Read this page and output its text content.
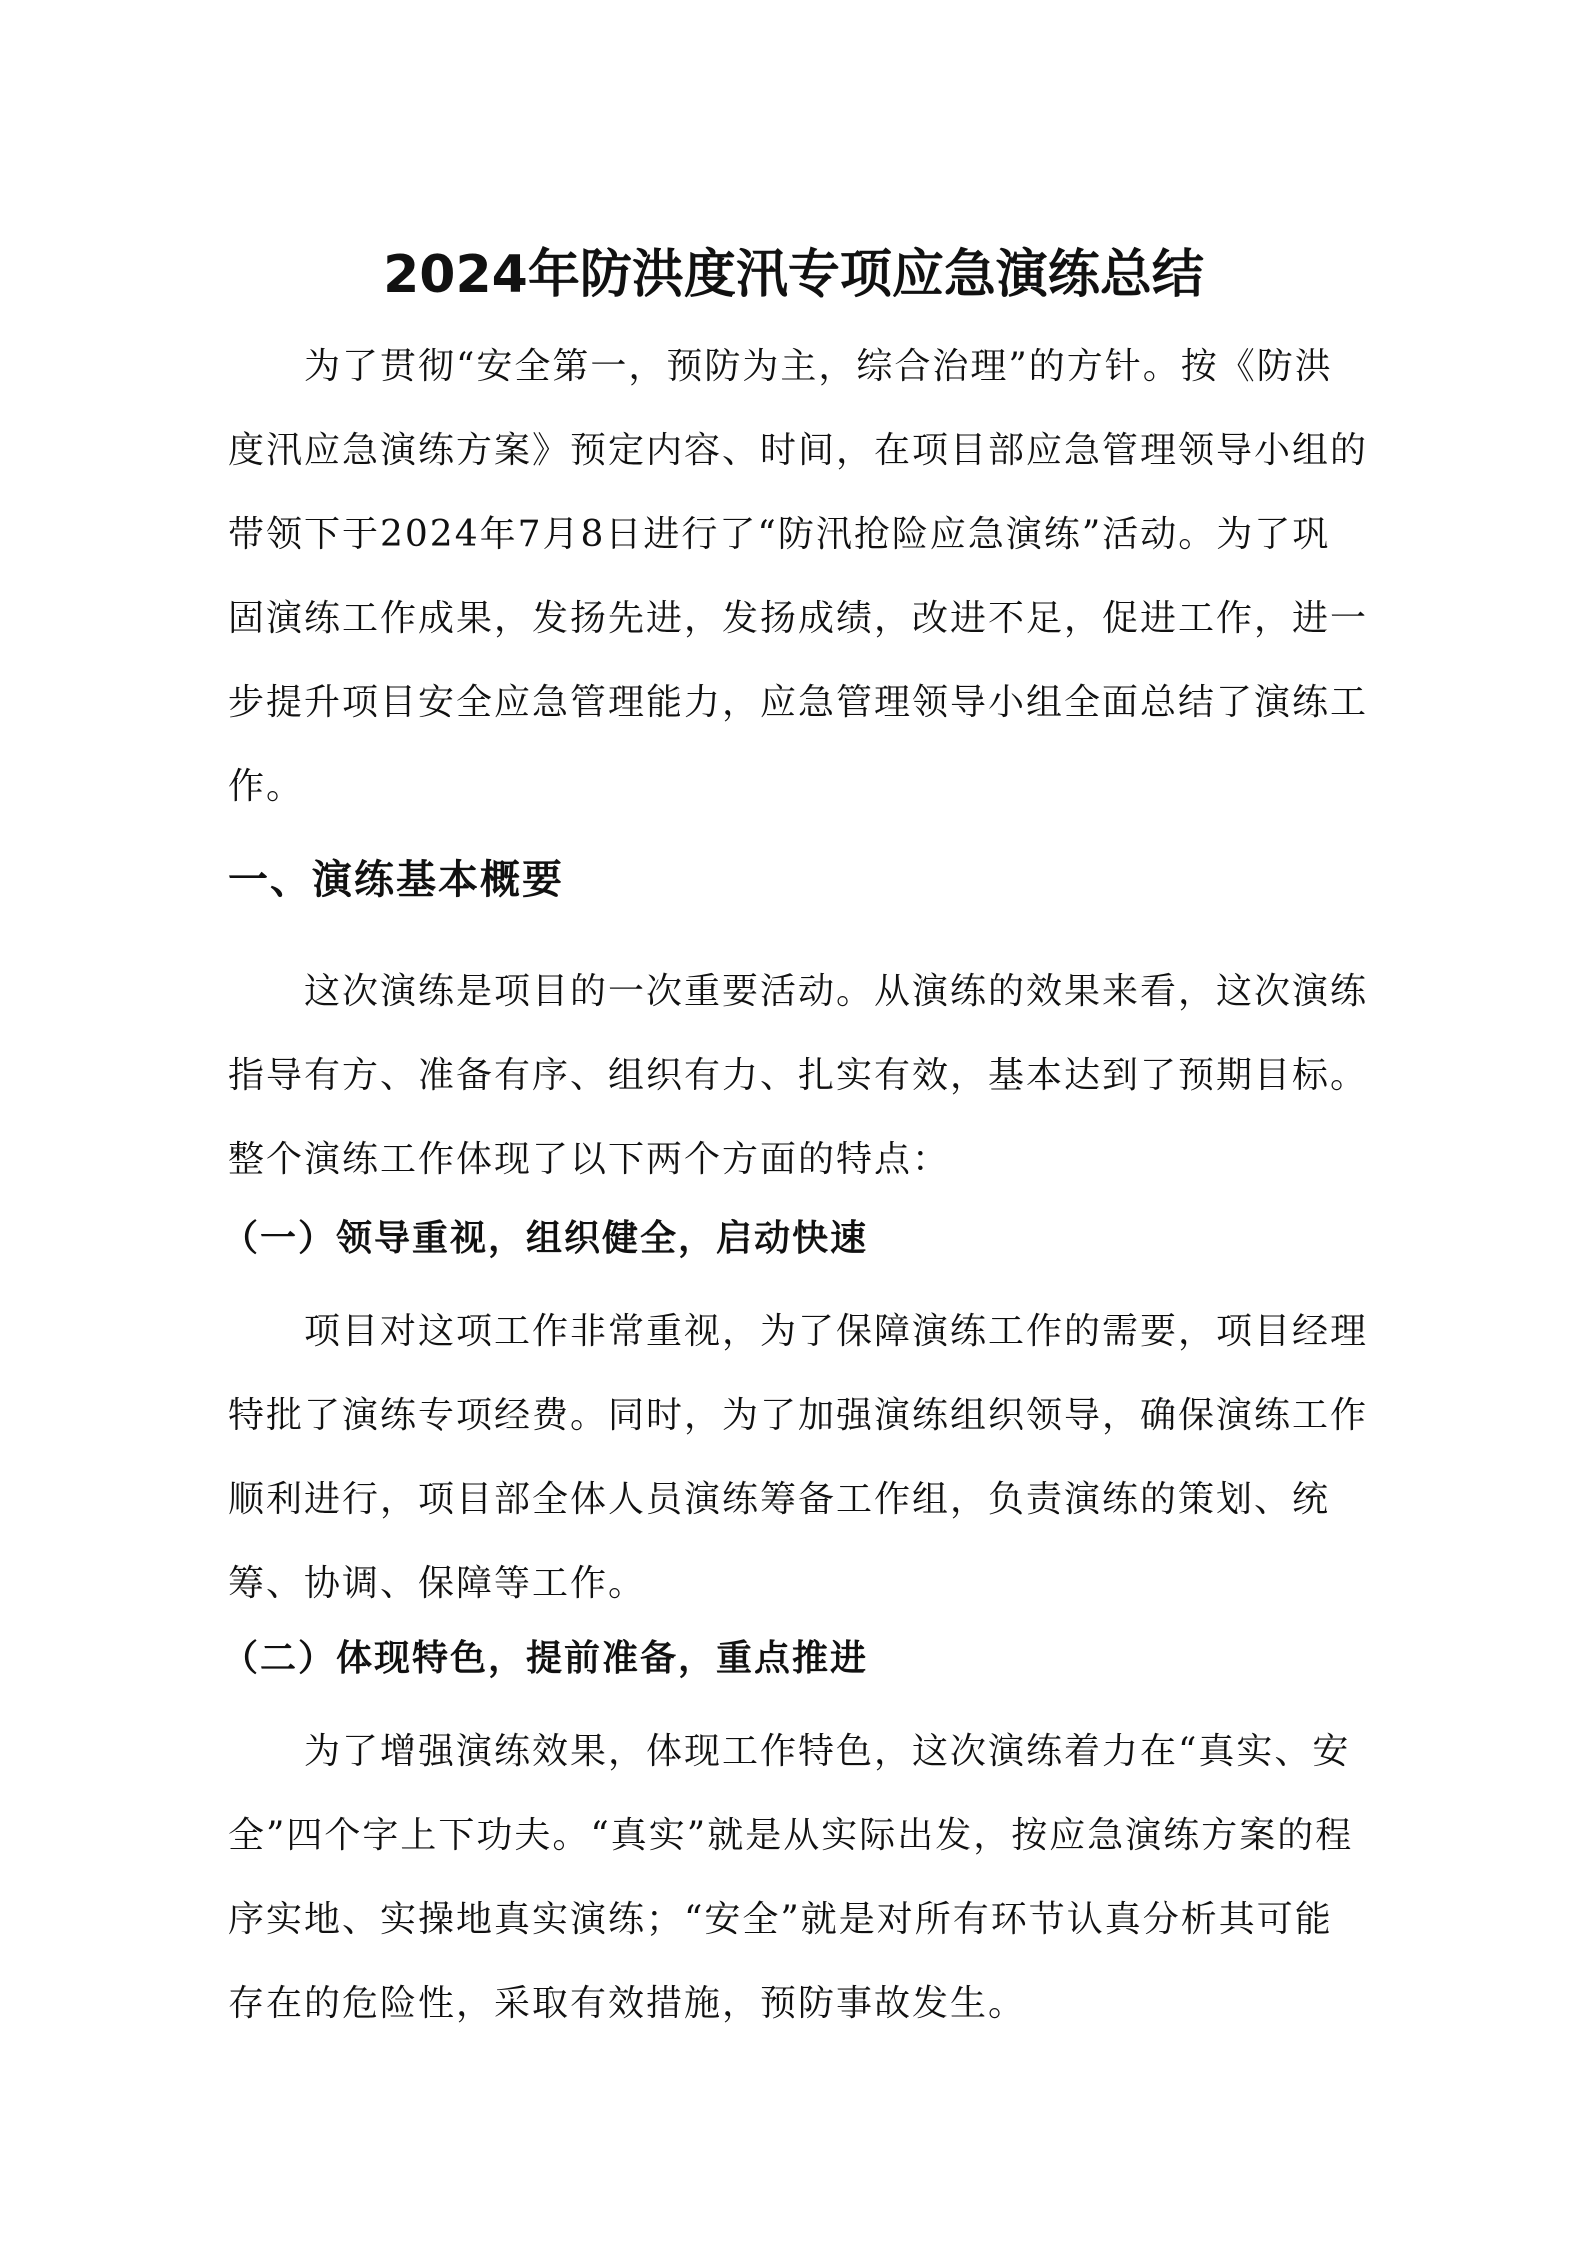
2024年防洪度汛专项应急演练总结

为了贯彻“安全第一，预防为主，综合治理”的方针。按《防洪度汛应急演练方案》预定内容、时间，在项目部应急管理领导小组的带领下于2024年7月8日进行了“防汛抢险应急演练”活动。为了巩固演练工作成果，发扬先进，发扬成绩，改进不足，促进工作，进一步提升项目安全应急管理能力，应急管理领导小组全面总结了演练工作。

一、演练基本概要

这次演练是项目的一次重要活动。从演练的效果来看，这次演练指导有方、准备有序、组织有力、扎实有效，基本达到了预期目标。整个演练工作体现了以下两个方面的特点：

（一）领导重视，组织健全，启动快速

项目对这项工作非常重视，为了保障演练工作的需要，项目经理特批了演练专项经费。同时，为了加强演练组织领导，确保演练工作顺利进行，项目部全体人员演练筹备工作组，负责演练的策划、统筹、协调、保障等工作。

（二）体现特色，提前准备，重点推进

为了增强演练效果，体现工作特色，这次演练着力在“真实、安全”四个字上下功夫。“真实”就是从实际出发，按应急演练方案的程序实地、实操地真实演练；“安全”就是对所有环节认真分析其可能存在的危险性，采取有效措施，预防事故发生。
